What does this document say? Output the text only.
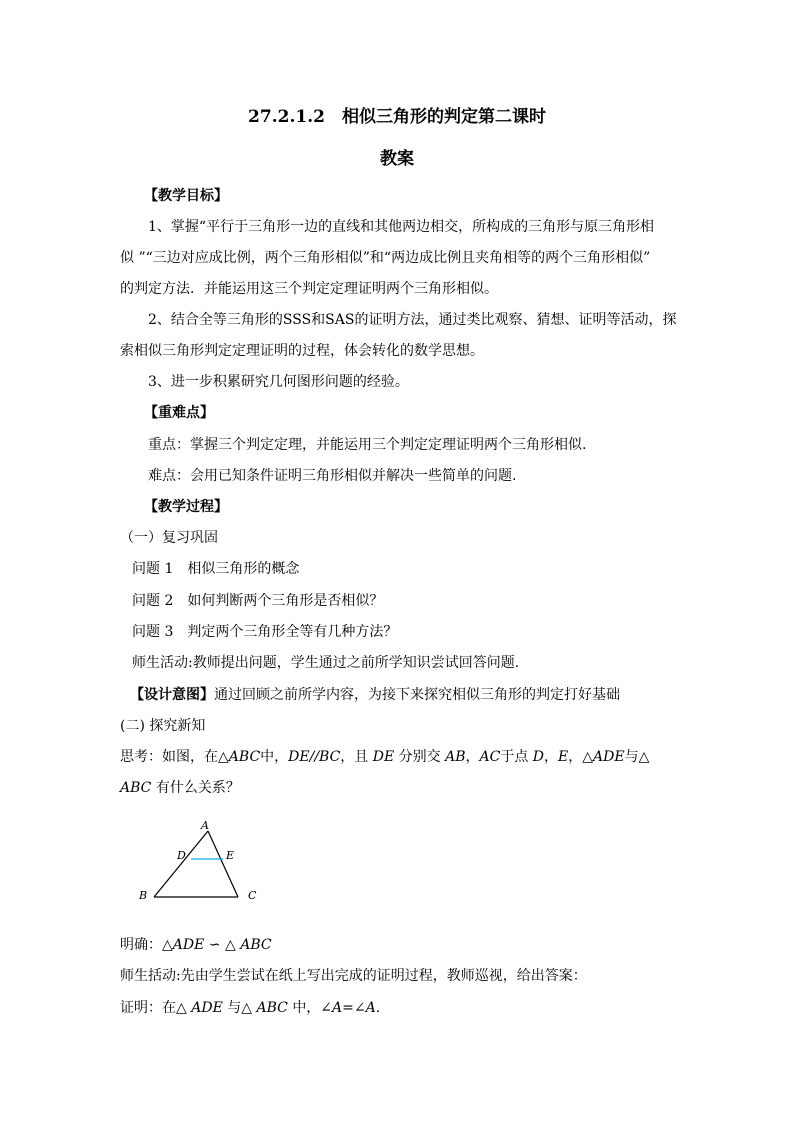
27.2.1.2　相似三角形的判定第二课时
教案
【教学目标】
1、掌握“平行于三角形一边的直线和其他两边相交，所构成的三角形与原三角形相
似 ”“三边对应成比例，两个三角形相似”和“两边成比例且夹角相等的两个三角形相似”
的判定方法．并能运用这三个判定定理证明两个三角形相似。
2、结合全等三角形的SSS和SAS的证明方法，通过类比观察、猜想、证明等活动，探
索相似三角形判定定理证明的过程，体会转化的数学思想。
3、进一步积累研究几何图形问题的经验。
【重难点】
重点：掌握三个判定定理，并能运用三个判定定理证明两个三角形相似.
难点：会用已知条件证明三角形相似并解决一些简单的问题.
【教学过程】
（一）复习巩固
问题 1　相似三角形的概念
问题 2　如何判断两个三角形是否相似？
问题 3　判定两个三角形全等有几种方法？
师生活动:教师提出问题，学生通过之前所学知识尝试回答问题.
【设计意图】通过回顾之前所学内容，为接下来探究相似三角形的判定打好基础
(二) 探究新知
思考：如图，在△ABC中，DE//BC，且 DE 分别交 AB，AC于点 D，E，△ADE与△
ABC 有什么关系？
A
D	E
B	C
明确：△ADE ∽ △ ABC
师生括动:先由学生尝试在纸上写出完成的证明过程，教师巡视，给出答案：
证明：在△ ADE 与△ ABC 中，∠A=∠A.
